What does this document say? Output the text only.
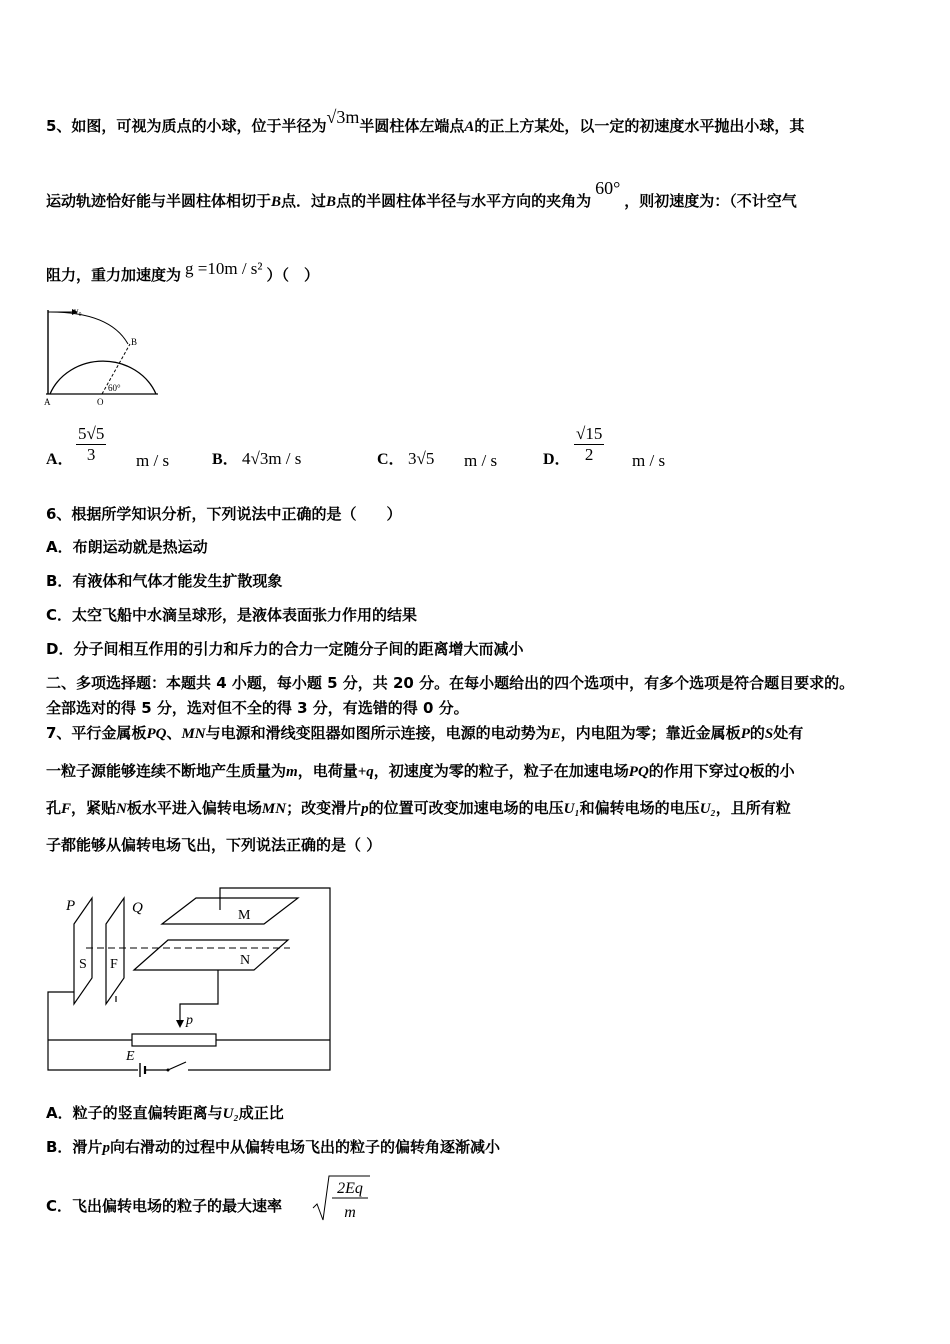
5、如图，可视为质点的小球，位于半径为√3m半圆柱体左端点A的正上方某处，以一定的初速度水平抛出小球，其
运动轨迹恰好能与半圆柱体相切于B点．过B点的半圆柱体半径与水平方向的夹角为60°，则初速度为：（不计空气
阻力，重力加速度为 g =10m / s² ）（　）
v₀
B
A	O
60°
A． $\frac{5√5}{3}$ m / s	B． 4√3m / s	C． 3√5 m / s	D． $\frac{√15}{2}$ m / s
6、根据所学知识分析，下列说法中正确的是（　　）
A．布朗运动就是热运动
B．有液体和气体才能发生扩散现象
C．太空飞船中水滴呈球形，是液体表面张力作用的结果
D．分子间相互作用的引力和斥力的合力一定随分子间的距离增大而减小
二、多项选择题：本题共 4 小题，每小题 5 分，共 20 分。在每小题给出的四个选项中，有多个选项是符合题目要求的。
全部选对的得 5 分，选对但不全的得 3 分，有选错的得 0 分。
7、平行金属板PQ、MN与电源和滑线变阻器如图所示连接，电源的电动势为E，内电阻为零；靠近金属板P的S处有
一粒子源能够连续不断地产生质量为m，电荷量+q，初速度为零的粒子，粒子在加速电场PQ的作用下穿过Q板的小
孔F，紧贴N板水平进入偏转电场MN；改变滑片p的位置可改变加速电场的电压U₁和偏转电场的电压U₂，且所有粒
子都能够从偏转电场飞出，下列说法正确的是（ ）
P	Q
S F
M
N
p
E
A．粒子的竖直偏转距离与U₂成正比
B．滑片p向右滑动的过程中从偏转电场飞出的粒子的偏转角逐渐减小
C．飞出偏转电场的粒子的最大速率
2Eq
m
